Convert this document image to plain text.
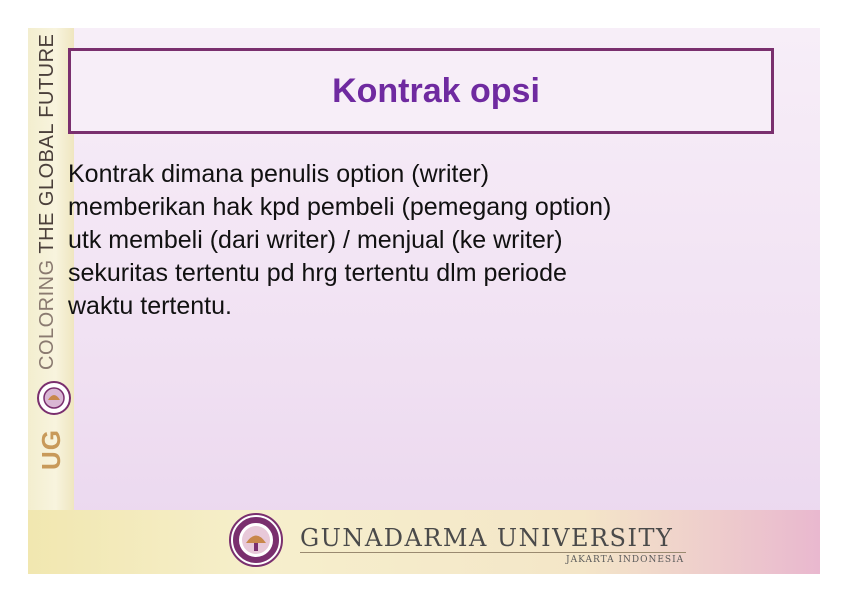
COLORING THE GLOBAL FUTURE
UG
Kontrak opsi
Kontrak dimana penulis option (writer)
memberikan hak kpd pembeli (pemegang option)
utk membeli (dari writer) / menjual (ke writer)
sekuritas tertentu pd hrg tertentu dlm periode
waktu tertentu.
GUNADARMA UNIVERSITY
JAKARTA INDONESIA
